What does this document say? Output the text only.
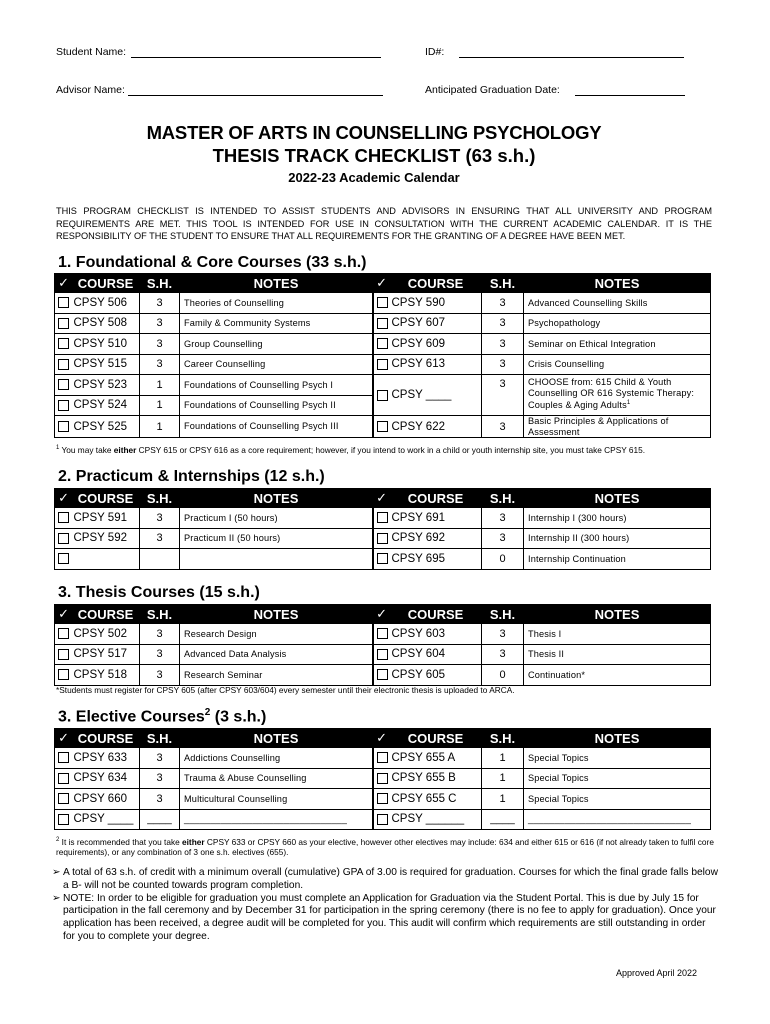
Student Name:	ID#:
Advisor Name:	Anticipated Graduation Date:
MASTER OF ARTS IN COUNSELLING PSYCHOLOGY
THESIS TRACK CHECKLIST (63 s.h.)
2022-23 Academic Calendar
THIS PROGRAM CHECKLIST IS INTENDED TO ASSIST STUDENTS AND ADVISORS IN ENSURING THAT ALL UNIVERSITY AND PROGRAM REQUIREMENTS ARE MET. THIS TOOL IS INTENDED FOR USE IN CONSULTATION WITH THE CURRENT ACADEMIC CALENDAR. IT IS THE RESPONSIBILITY OF THE STUDENT TO ENSURE THAT ALL REQUIREMENTS FOR THE GRANTING OF A DEGREE HAVE BEEN MET.
1. Foundational & Core Courses (33 s.h.)
✓	COURSE	S.H.	NOTES	✓	COURSE	S.H.	NOTES
	CPSY 506	3	Theories of Counselling		CPSY 590	3	Advanced Counselling Skills
	CPSY 508	3	Family & Community Systems		CPSY 607	3	Psychopathology
	CPSY 510	3	Group Counselling		CPSY 609	3	Seminar on Ethical Integration
	CPSY 515	3	Career Counselling		CPSY 613	3	Crisis Counselling
	CPSY 523	1	Foundations of Counselling Psych I		CPSY ____	3	CHOOSE from: 615 Child & Youth Counselling OR 616 Systemic Therapy: Couples & Aging Adults$^1$
	CPSY 524	1	Foundations of Counselling Psych II				
	CPSY 525	1	Foundations of Counselling Psych III		CPSY 622	3	Basic Principles & Applications of Assessment
$^1$ You may take either CPSY 615 or CPSY 616 as a core requirement; however, if you intend to work in a child or youth internship site, you must take CPSY 615.
2. Practicum & Internships (12 s.h.)
✓	COURSE	S.H.	NOTES	✓	COURSE	S.H.	NOTES
	CPSY 591	3	Practicum I (50 hours)		CPSY 691	3	Internship I (300 hours)
	CPSY 592	3	Practicum II (50 hours)		CPSY 692	3	Internship II (300 hours)
					CPSY 695	0	Internship Continuation
3. Thesis Courses (15 s.h.)
✓	COURSE	S.H.	NOTES	✓	COURSE	S.H.	NOTES
	CPSY 502	3	Research Design		CPSY 603	3	Thesis I
	CPSY 517	3	Advanced Data Analysis		CPSY 604	3	Thesis II
	CPSY 518	3	Research Seminar		CPSY 605	0	Continuation*
*Students must register for CPSY 605 (after CPSY 603/604) every semester until their electronic thesis is uploaded to ARCA.
3. Elective Courses$^2$ (3 s.h.)
✓	COURSE	S.H.	NOTES	✓	COURSE	S.H.	NOTES
	CPSY 633	3	Addictions Counselling		CPSY 655 A	1	Special Topics
	CPSY 634	3	Trauma & Abuse Counselling		CPSY 655 B	1	Special Topics
	CPSY 660	3	Multicultural Counselling		CPSY 655 C	1	Special Topics
	CPSY ____	____	_______________________________		CPSY ______	____	_______________________________
$^2$ It is recommended that you take either CPSY 633 or CPSY 660 as your elective, however other electives may include: 634 and either 615 or 616 (if not already taken to fulfil core requirements), or any combination of 3 one s.h. electives (655).
➢ A total of 63 s.h. of credit with a minimum overall (cumulative) GPA of 3.00 is required for graduation. Courses for which the final grade falls below a B- will not be counted towards program completion.
➢ NOTE: In order to be eligible for graduation you must complete an Application for Graduation via the Student Portal. This is due by July 15 for participation in the fall ceremony and by December 31 for participation in the spring ceremony (there is no fee to apply for graduation). Once your application has been received, a degree audit will be completed for you. This audit will confirm which requirements are still outstanding in order for you to complete your degree.
Approved April 2022
